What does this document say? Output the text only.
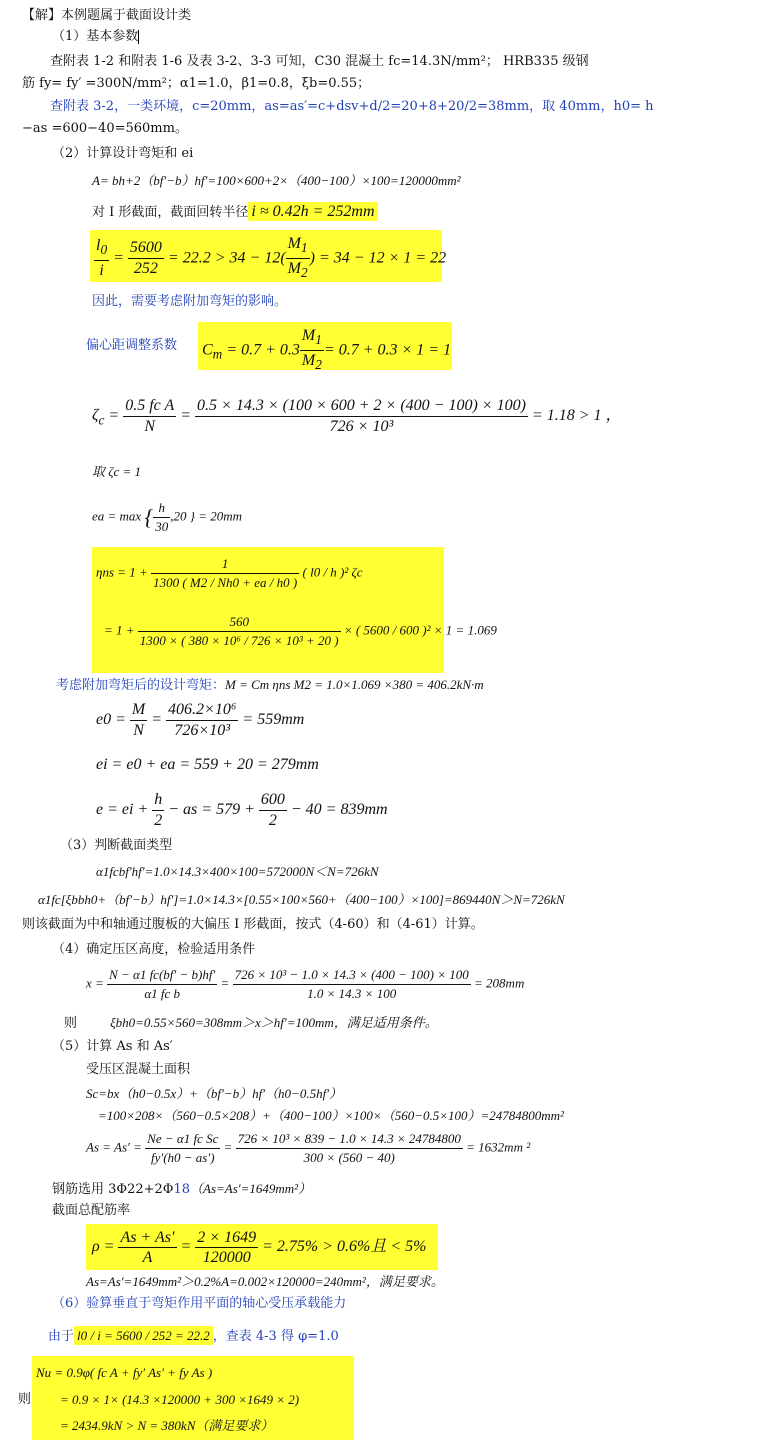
【解】本例题属于截面设计类
（1）基本参数
查附表 1-2 和附表 1-6 及表 3-2、3-3 可知，C30 混凝土 fc=14.3N/mm²； HRB335 级钢
筋 fy= fy′ =300N/mm²；α1=1.0，β1=0.8，ξb=0.55；
查附表 3-2，一类环境，c=20mm，as=as′=c+dsv+d/2=20+8+20/2=38mm，取 40mm，h0= h
−as =600−40=560mm。
（2）计算设计弯矩和 ei
A= bh+2（bf′−b）hf′=100×600+2×（400−100）×100=120000mm²
对 I 形截面，截面回转半径 i ≈ 0.42h = 252mm
$\frac{l_0}{i} = \frac{5600}{252} = 22.2 > 34 - 12( \frac{M_1}{M_2}$ ) = 34 − 12 × 1 = 22
因此，需要考虑附加弯矩的影响。
偏心距调整系数 $C_m = 0.7 + 0.3 \frac{M_1}{M_2} = 0.7 + 0.3 \times 1 = 1$
$\zeta_c = \frac{\text{0.5 fc A}}{N} = \frac{0.5 \times 14.3 \times (100 \times 600 + 2 \times (400 - 100) \times 100)}{\text{726 × 10³}} = 1.18 > 1$ ，
取 ζc = 1
ea = max { $\frac{h}{30} ,20$ } = 20mm
$\eta ns = 1 + \frac{1}{1300 ( M2 / Nh0 + ea / h0 )}$ ( l0 / h )² ζc
= $1 + \frac{560}{\text{1300 × ( 380 × 10⁶ / 726 × 10³ + 20 )}}$ × ( 5600 / 600 )² × 1 = 1.069
考虑附加弯矩后的设计弯矩：M = Cm ηns M2 = 1.0×1.069 ×380 = 406.2kN·m
$e0 = \frac{M}{N} = \frac{\text{406.2×10⁶}}{\text{726×10³}} = 559mm$
ei = e0 + ea = 559 + 20 = 279mm
e = ei + $\frac{h}{2}$ − as = $579 + \frac{600}{2} - 40 = 839mm$
（3）判断截面类型
α1fcbf′hf′=1.0×14.3×400×100=572000N＜N=726kN
α1fc[ξbbh0+（bf′−b）hf′]=1.0×14.3×[0.55×100×560+（400−100）×100]=869440N＞N=726kN
则该截面为中和轴通过腹板的大偏压 I 形截面，按式（4-60）和（4-61）计算。
（4）确定压区高度，检验适用条件
$x = \frac{N - \alpha 1 fc(bf' - b)hf'}{\text{α1 fc b}} = \frac{\text{726 × 10³ − 1.0 × 14.3 × (400 − 100) × 100}}{1.0 \times 14.3 \times 100} = 208mm$
则	ξbh0=0.55×560=308mm＞x＞hf′=100mm，满足适用条件。
（5）计算 As 和 As′
受压区混凝土面积
Sc=bx（h0−0.5x）+（bf′−b）hf′（h0−0.5hf′）
=100×208×（560−0.5×208）+（400−100）×100×（560−0.5×100）=24784800mm²
$As = As' = \frac{\text{Ne − α1 fc Sc}}{fy'(h0 - as')} = \frac{\text{726 × 10³ × 839 − 1.0 × 14.3 × 24784800}}{300 \times (560 - 40)} = 1632mm$ ²
钢筋选用 3Φ22+2Φ18（As=As′=1649mm²）
截面总配筋率
$\rho = \frac{As + As'}{A} = \frac{2 \times 1649}{120000} = 2.75\% > 0.6\%$且 < 5%
As=As′=1649mm²＞0.2%A=0.002×120000=240mm²，满足要求。
（6）验算垂直于弯矩作用平面的轴心受压承载能力
由于 l0 / i = 5600 / 252 = 22.2 ，查表 4-3 得 φ=1.0
则
Nu = 0.9φ( fc A + fy′ As′ + fy As )
= 0.9 × 1× (14.3 ×120000 + 300 ×1649 × 2)
= 2434.9kN > N = 380kN（满足要求）
